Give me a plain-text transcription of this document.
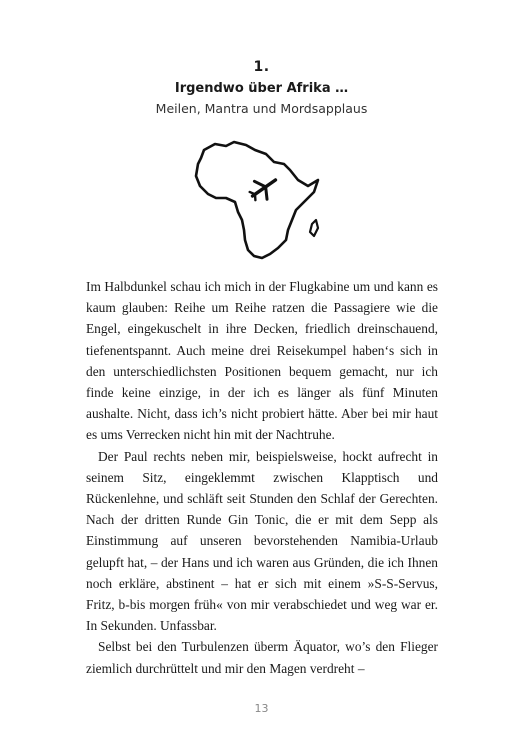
1.
Irgendwo über Afrika …
Meilen, Mantra und Mordsapplaus

Im Halbdunkel schau ich mich in der Flugkabine um und kann es kaum glauben: Reihe um Reihe ratzen die Passagiere wie die Engel, eingekuschelt in ihre Decken, friedlich dreinschauend, tiefenentspannt. Auch meine drei Reisekumpel haben‘s sich in den unterschiedlichsten Positionen bequem gemacht, nur ich finde keine einzige, in der ich es länger als fünf Minuten aushalte. Nicht, dass ich’s nicht probiert hätte. Aber bei mir haut es ums Verrecken nicht hin mit der Nachtruhe.

Der Paul rechts neben mir, beispielsweise, hockt aufrecht in seinem Sitz, eingeklemmt zwischen Klapptisch und Rückenlehne, und schläft seit Stunden den Schlaf der Gerechten. Nach der dritten Runde Gin Tonic, die er mit dem Sepp als Einstimmung auf unseren bevorstehenden Namibia-Urlaub gelupft hat, – der Hans und ich waren aus Gründen, die ich Ihnen noch erkläre, abstinent – hat er sich mit einem »S-S-Servus, Fritz, b-bis morgen früh« von mir verabschiedet und weg war er. In Sekunden. Unfassbar.

Selbst bei den Turbulenzen überm Äquator, wo’s den Flieger ziemlich durchrüttelt und mir den Magen verdreht –

13
